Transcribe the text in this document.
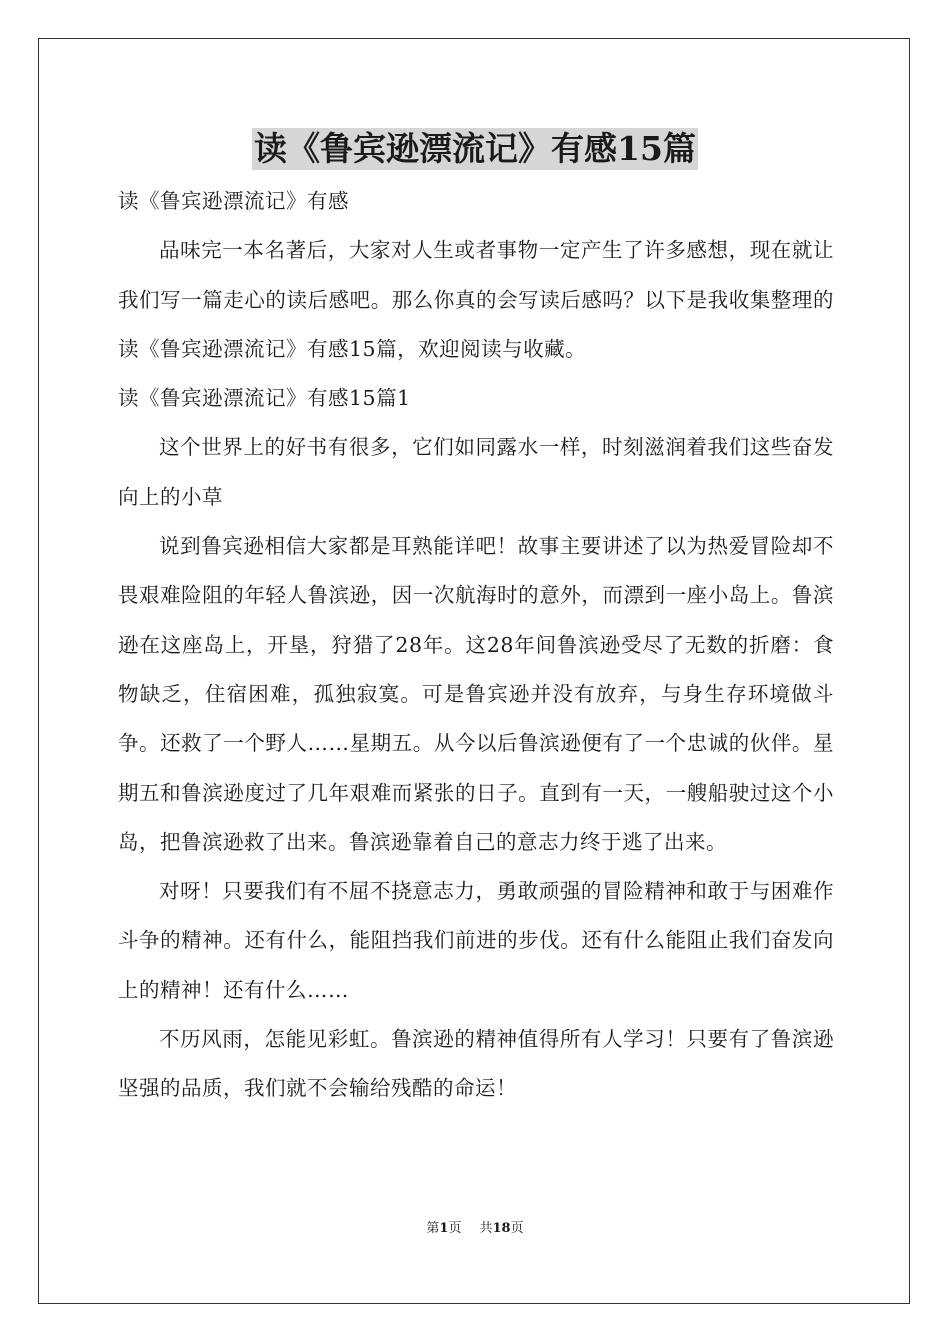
读《鲁宾逊漂流记》有感15篇

读《鲁宾逊漂流记》有感

品味完一本名著后，大家对人生或者事物一定产生了许多感想，现在就让我们写一篇走心的读后感吧。那么你真的会写读后感吗？以下是我收集整理的读《鲁宾逊漂流记》有感15篇，欢迎阅读与收藏。

读《鲁宾逊漂流记》有感15篇1

这个世界上的好书有很多，它们如同露水一样，时刻滋润着我们这些奋发向上的小草

说到鲁宾逊相信大家都是耳熟能详吧！故事主要讲述了以为热爱冒险却不畏艰难险阻的年轻人鲁滨逊，因一次航海时的意外，而漂到一座小岛上。鲁滨逊在这座岛上，开垦，狩猎了28年。这28年间鲁滨逊受尽了无数的折磨：食物缺乏，住宿困难，孤独寂寞。可是鲁宾逊并没有放弃，与身生存环境做斗争。还救了一个野人……星期五。从今以后鲁滨逊便有了一个忠诚的伙伴。星期五和鲁滨逊度过了几年艰难而紧张的日子。直到有一天，一艘船驶过这个小岛，把鲁滨逊救了出来。鲁滨逊靠着自己的意志力终于逃了出来。

对呀！只要我们有不屈不挠意志力，勇敢顽强的冒险精神和敢于与困难作斗争的精神。还有什么，能阻挡我们前进的步伐。还有什么能阻止我们奋发向上的精神！还有什么……

不历风雨，怎能见彩虹。鲁滨逊的精神值得所有人学习！只要有了鲁滨逊坚强的品质，我们就不会输给残酷的命运！

第1页 共18页
